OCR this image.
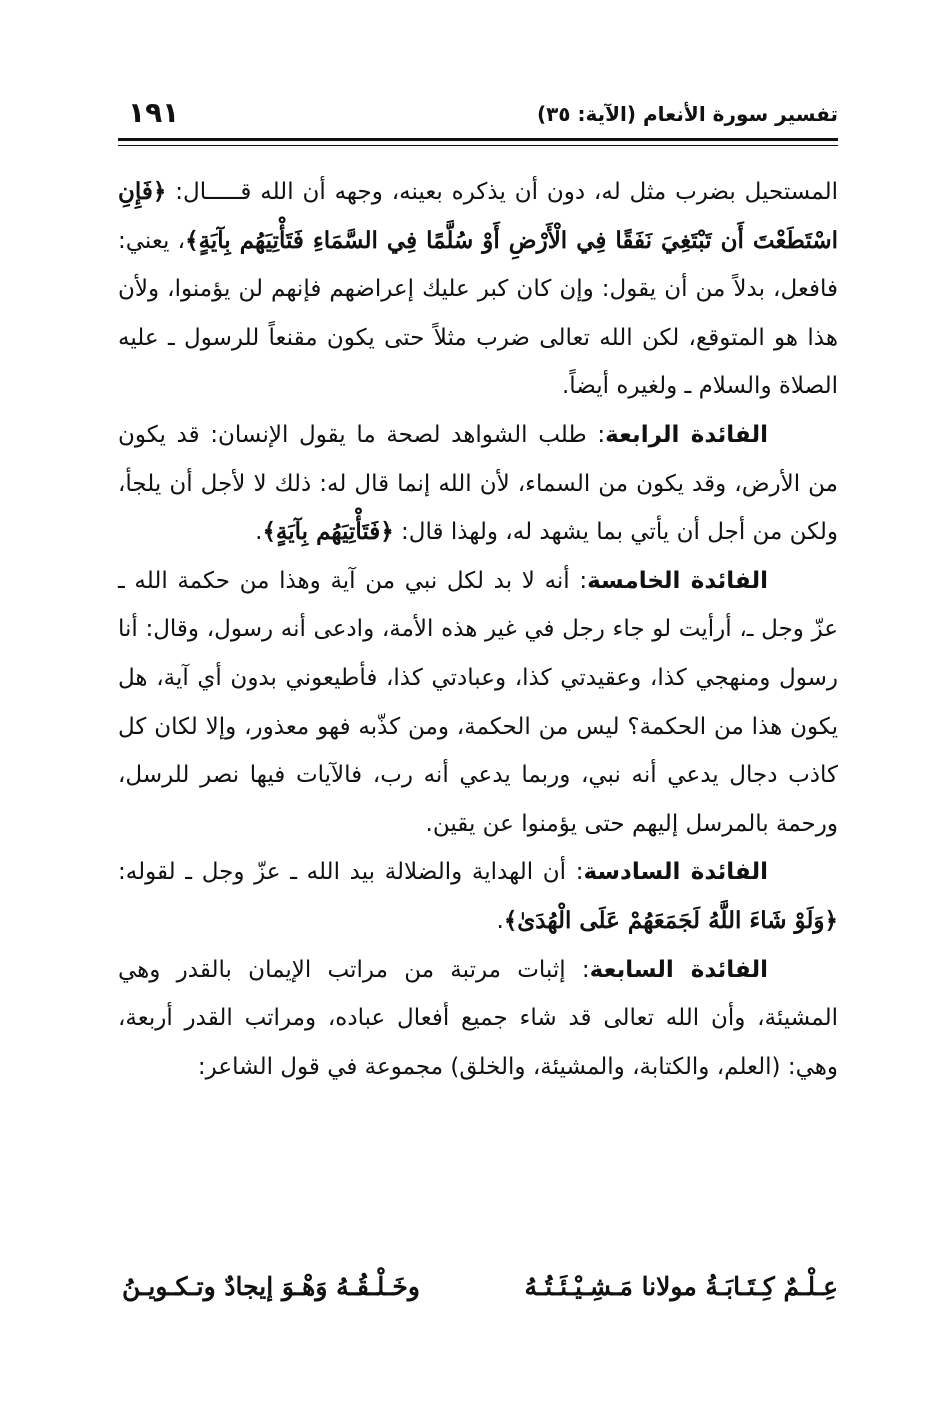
تفسير سورة الأنعام (الآية: ٣٥)
١٩١

المستحيل بضرب مثل له، دون أن يذكره بعينه، وجهه أن الله قـــــال: ﴿فَإِنِ اسْتَطَعْتَ أَن تَبْتَغِيَ نَفَقًا فِي الْأَرْضِ أَوْ سُلَّمًا فِي السَّمَاءِ فَتَأْتِيَهُم بِآيَةٍ﴾، يعني: فافعل، بدلاً من أن يقول: وإن كان كبر عليك إعراضهم فإنهم لن يؤمنوا، ولأن هذا هو المتوقع، لكن الله تعالى ضرب مثلاً حتى يكون مقنعاً للرسول ـ عليه الصلاة والسلام ـ ولغيره أيضاً.

الفائدة الرابعة: طلب الشواهد لصحة ما يقول الإنسان: قد يكون من الأرض، وقد يكون من السماء، لأن الله إنما قال له: ذلك لا لأجل أن يلجأ، ولكن من أجل أن يأتي بما يشهد له، ولهذا قال: ﴿فَتَأْتِيَهُم بِآيَةٍ﴾.

الفائدة الخامسة: أنه لا بد لكل نبي من آية وهذا من حكمة الله ـ عزّ وجل ـ، أرأيت لو جاء رجل في غير هذه الأمة، وادعى أنه رسول، وقال: أنا رسول ومنهجي كذا، وعقيدتي كذا، وعبادتي كذا، فأطيعوني بدون أي آية، هل يكون هذا من الحكمة؟ ليس من الحكمة، ومن كذّبه فهو معذور، وإلا لكان كل كاذب دجال يدعي أنه نبي، وربما يدعي أنه رب، فالآيات فيها نصر للرسل، ورحمة بالمرسل إليهم حتى يؤمنوا عن يقين.

الفائدة السادسة: أن الهداية والضلالة بيد الله ـ عزّ وجل ـ لقوله: ﴿وَلَوْ شَاءَ اللَّهُ لَجَمَعَهُمْ عَلَى الْهُدَىٰ﴾.

الفائدة السابعة: إثبات مرتبة من مراتب الإيمان بالقدر وهي المشيئة، وأن الله تعالى قد شاء جميع أفعال عباده، ومراتب القدر أربعة، وهي: (العلم، والكتابة، والمشيئة، والخلق) مجموعة في قول الشاعر:

عِـلْـمٌ كِـتَـابَـةُ مولانا مَـشِـيْـئَـتُـهُ
وخَـلْـقُـهُ وَهْـوَ إيجادٌ وتـكـويـنُ
